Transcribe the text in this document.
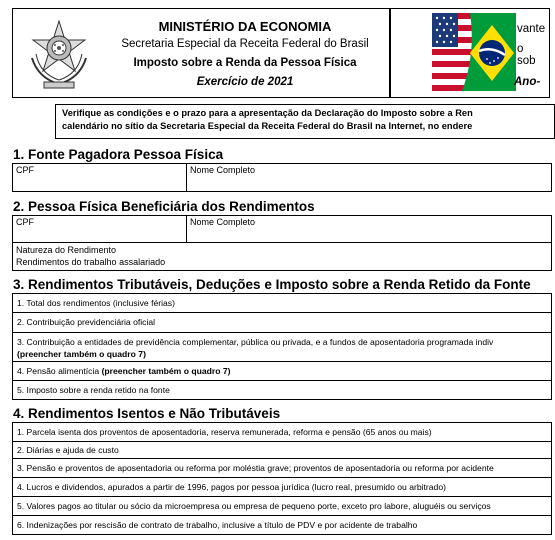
MINISTÉRIO DA ECONOMIA
Secretaria Especial da Receita Federal do Brasil
Imposto sobre a Renda da Pessoa Física
Exercício de 2021
vante
o sob
Ano-
Verifique as condições e o prazo para a apresentação da Declaração do Imposto sobre a Ren
calendário no sítio da Secretaria Especial da Receita Federal do Brasil na Internet, no endere
1. Fonte Pagadora Pessoa Física
CPF	Nome Completo
2. Pessoa Física Beneficiária dos Rendimentos
CPF	Nome Completo
Natureza do Rendimento
Rendimentos do trabalho assalariado
3. Rendimentos Tributáveis, Deduções e Imposto sobre a Renda Retido da Fonte
1. Total dos rendimentos (inclusive férias)
2. Contribuição previdenciária oficial
3. Contribuição a entidades de previdência complementar, pública ou privada, e a fundos de aposentadoria programada indiv
(preencher também o quadro 7)
4. Pensão alimentícia (preencher também o quadro 7)
5. Imposto sobre a renda retido na fonte
4. Rendimentos Isentos e Não Tributáveis
1. Parcela isenta dos proventos de aposentadoria, reserva remunerada, reforma e pensão (65 anos ou mais)
2. Diárias e ajuda de custo
3. Pensão e proventos de aposentadoria ou reforma por moléstia grave; proventos de aposentadoria ou reforma por acidente
4. Lucros e dividendos, apurados a partir de 1996, pagos por pessoa jurídica (lucro real, presumido ou arbitrado)
5. Valores pagos ao titular ou sócio da microempresa ou empresa de pequeno porte, exceto pro labore, aluguéis ou serviços
6. Indenizações por rescisão de contrato de trabalho, inclusive a título de PDV e por acidente de trabalho
